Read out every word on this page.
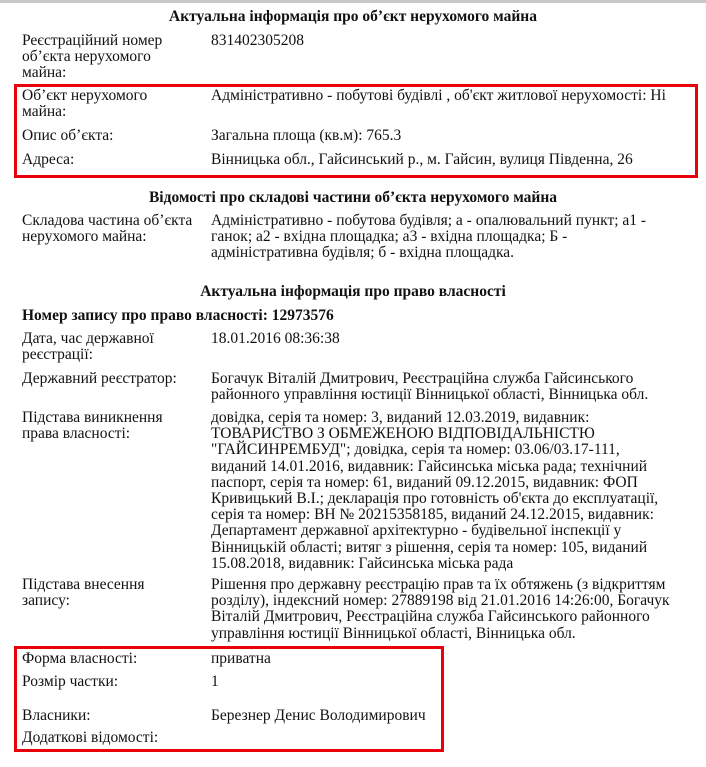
Актуальна інформація про об’єкт нерухомого майна
Відомості про складові частини об’єкта нерухомого майна
Актуальна інформація про право власності
Номер запису про право власності: 12973576
Реєстраційний номер
об’єкта нерухомого
майна:
831402305208
Об’єкт нерухомого
майна:
Адміністративно - побутові будівлі , об'єкт житлової нерухомості: Ні
Опис об’єкта:	Загальна площа (кв.м): 765.3
Адреса:	Вінницька обл., Гайсинський р., м. Гайсин, вулиця Південна, 26
Складова частина об’єкта
нерухомого майна:
Адміністративно - побутова будівля; а - опалювальний пункт; а1 -
ганок; а2 - вхідна площадка; а3 - вхідна площадка; Б -
адміністративна будівля; б - вхідна площадка.
Дата, час державної
реєстрації:
18.01.2016 08:36:38
Державний реєстратор:	Богачук Віталій Дмитрович, Реєстраційна служба Гайсинського
районного управління юстиції Вінницької області, Вінницька обл.
Підстава виникнення
права власності:
довідка, серія та номер: 3, виданий 12.03.2019, видавник:
ТОВАРИСТВО З ОБМЕЖЕНОЮ ВІДПОВІДАЛЬНІСТЮ
"ГАЙСИНРЕМБУД"; довідка, серія та номер: 03.06/03.17-111,
виданий 14.01.2016, видавник: Гайсинська міська рада; технічний
паспорт, серія та номер: 61, виданий 09.12.2015, видавник: ФОП
Кривицький В.І.; декларація про готовність об'єкта до експлуатації,
серія та номер: ВН № 20215358185, виданий 24.12.2015, видавник:
Департамент державної архітектурно - будівельної інспекції у
Вінницькій області; витяг з рішення, серія та номер: 105, виданий
15.08.2018, видавник: Гайсинська міська рада
Підстава внесення
запису:
Рішення про державну реєстрацію прав та їх обтяжень (з відкриттям
розділу), індексний номер: 27889198 від 21.01.2016 14:26:00, Богачук
Віталій Дмитрович, Реєстраційна служба Гайсинського районного
управління юстиції Вінницької області, Вінницька обл.
Форма власності:	приватна
Розмір частки:	1
Власники:	Березнер Денис Володимирович
Додаткові відомості:
